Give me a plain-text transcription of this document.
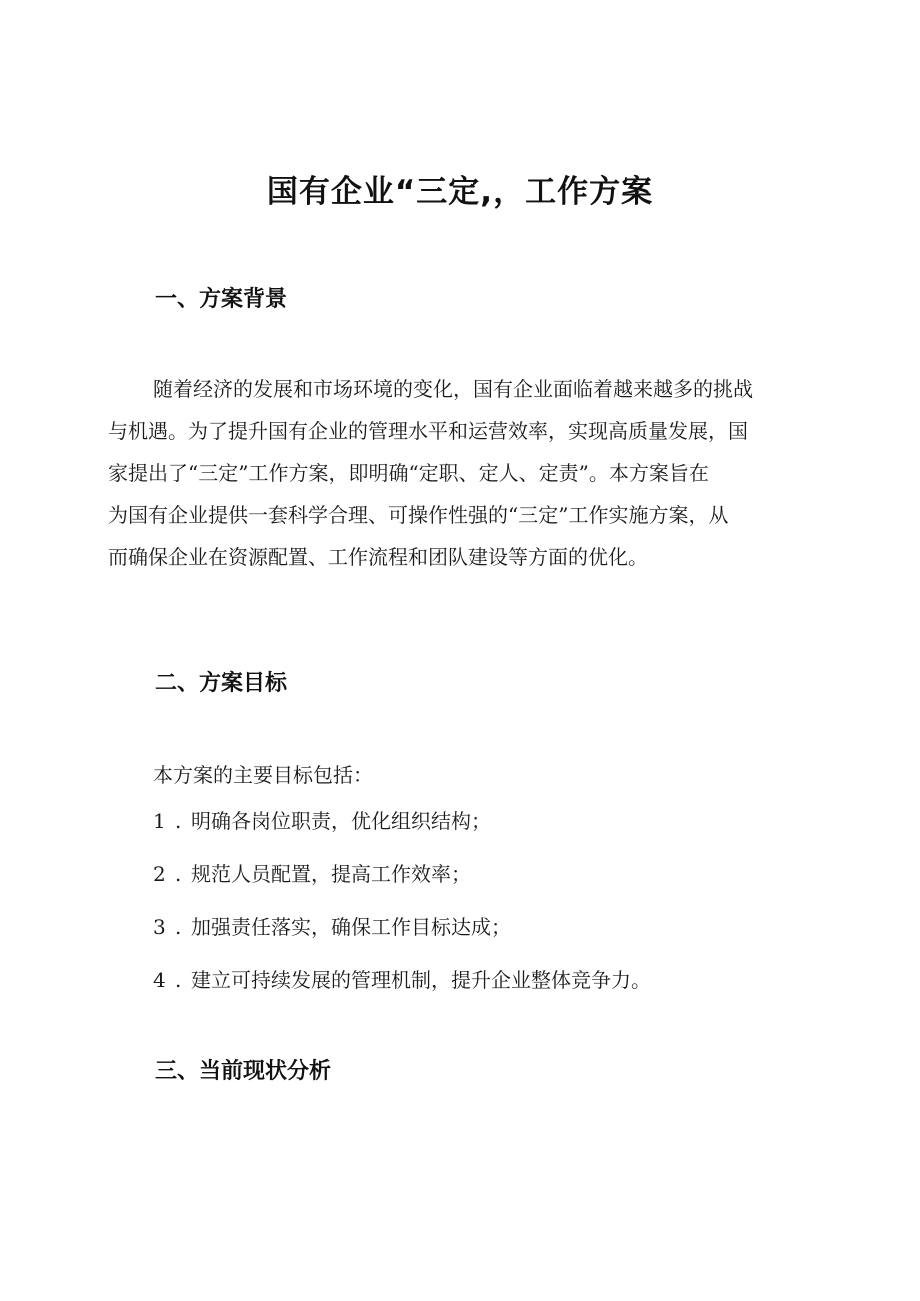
国有企业“三定,，工作方案
一、方案背景
随着经济的发展和市场环境的变化，国有企业面临着越来越多的挑战
与机遇。为了提升国有企业的管理水平和运营效率，实现高质量发展，国
家提出了“三定”工作方案，即明确“定职、定人、定责”。本方案旨在
为国有企业提供一套科学合理、可操作性强的“三定”工作实施方案，从
而确保企业在资源配置、工作流程和团队建设等方面的优化。
二、方案目标
本方案的主要目标包括：
1 . 明确各岗位职责，优化组织结构；
2 . 规范人员配置，提高工作效率；
3 . 加强责任落实，确保工作目标达成；
4 . 建立可持续发展的管理机制，提升企业整体竞争力。
三、当前现状分析
